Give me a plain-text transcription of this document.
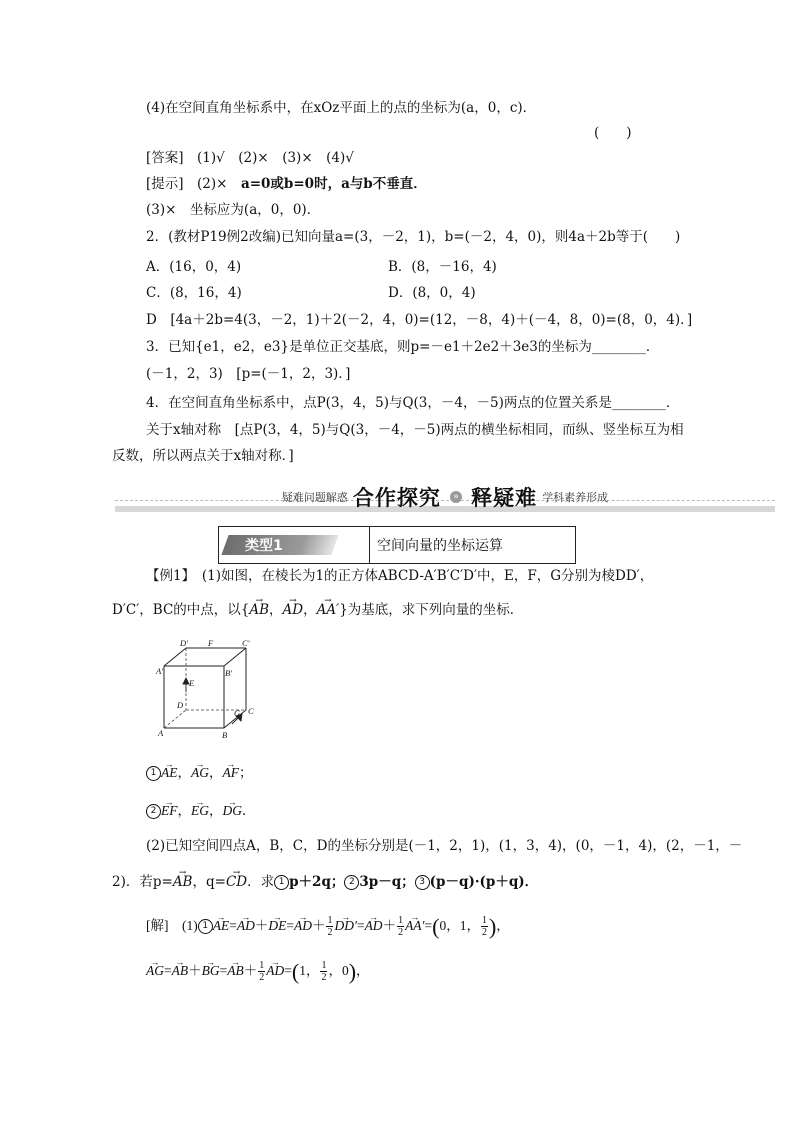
(4)在空间直角坐标系中，在xOz平面上的点的坐标为(a，0，c)．
(　　)
[答案]　(1)√　(2)×　(3)×　(4)√
[提示]　(2)×　a=0或b=0时，a与b不垂直．
(3)×　坐标应为(a，0，0)．
2．(教材P19例2改编)已知向量a=(3，－2，1)，b=(－2，4，0)，则4a＋2b等于(　　)
A．(16，0，4)	B．(8，－16，4)
C．(8，16，4)	D．(8，0，4)
D　[4a＋2b=4(3，－2，1)＋2(－2，4，0)=(12，－8，4)＋(－4，8，0)=(8，0，4)．]
3．已知{e1，e2，e3}是单位正交基底，则p=－e1＋2e2＋3e3的坐标为________．
(－1，2，3)　[p=(－1，2，3)．]
4．在空间直角坐标系中，点P(3，4，5)与Q(3，－4，－5)两点的位置关系是________．
关于x轴对称　[点P(3，4，5)与Q(3，－4，－5)两点的横坐标相同，而纵、竖坐标互为相
反数，所以两点关于x轴对称．]
疑难问题解惑 合作探究 » 释疑难 学科素养形成
类型1	空间向量的坐标运算
【例1】　(1)如图，在棱长为1的正方体ABCD-A′B′C′D′中，E，F，G分别为棱DD′，
D′C′，BC的中点，以{→ AB，→ AD，→ AA′}为基底，求下列向量的坐标．
D′ F	C′
A′	B′
E
D
C
G
A	B
1→ AE，→ AG，→ AF；
2→ EF，→ EG，→ DG．
(2)已知空间四点A，B，C，D的坐标分别是(－1，2，1)，(1，3，4)，(0，－1，4)，(2，－1，－
2)．若p=→ AB，q=→ CD．求 1 p＋2q； 2 3p－q； 3 (p－q)·(p＋q)．
[解]　(1) $1\to AE=\to AD+\to DE=\to AD+ \frac{1}{2}$
→ $DD'=\to AD+ \frac{1}{2}$
→ AA′=(0，1， $\frac{1}{2}$ )，
→ $AG=\to AB+\to BG=\to AB+ \frac{1}{2}$
→ AD=(1， $\frac{1}{2}$ ，0)，
